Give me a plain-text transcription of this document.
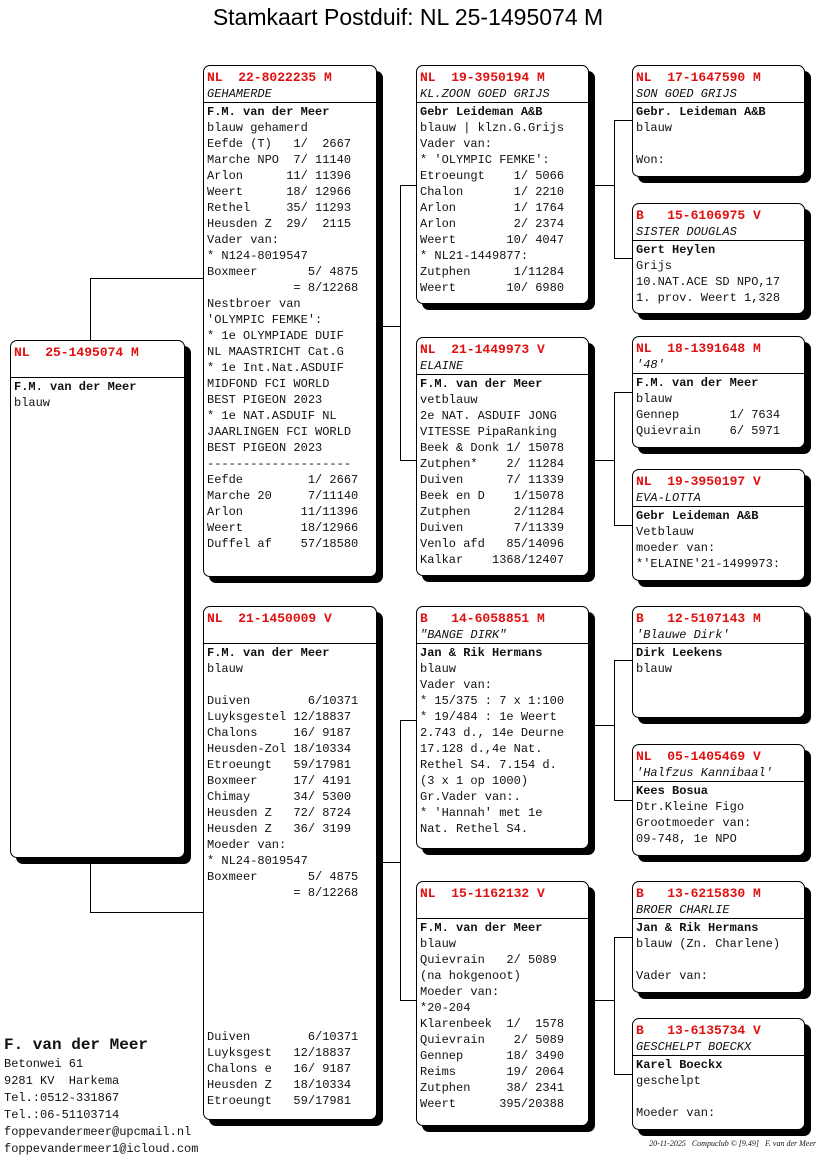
Stamkaart Postduif: NL 25-1495074 M
NL  25-1495074 M
F.M. van der Meer
blauw
NL  22-8022235 M
GEHAMERDE
F.M. van der Meer
blauw gehamerd
Eefde (T)   1/  2667
Marche NPO  7/ 11140
Arlon      11/ 11396
Weert      18/ 12966
Rethel     35/ 11293
Heusden Z  29/  2115
Vader van:
* N124-8019547
Boxmeer       5/ 4875
= 8/12268
Nestbroer van
'OLYMPIC FEMKE':
* 1e OLYMPIADE DUIF
NL MAASTRICHT Cat.G
* 1e Int.Nat.ASDUIF
MIDFOND FCI WORLD
BEST PIGEON 2023
* 1e NAT.ASDUIF NL
JAARLINGEN FCI WORLD
BEST PIGEON 2023
--------------------
Eefde         1/ 2667
Marche 20     7/11140
Arlon        11/11396
Weert        18/12966
Duffel af    57/18580
NL  21-1450009 V
F.M. van der Meer
blauw
Duiven        6/10371
Luyksgestel 12/18837
Chalons     16/ 9187
Heusden-Zol 18/10334
Etroeungt   59/17981
Boxmeer     17/ 4191
Chimay      34/ 5300
Heusden Z   72/ 8724
Heusden Z   36/ 3199
Moeder van:
* NL24-8019547
Boxmeer       5/ 4875
= 8/12268
Duiven        6/10371
Luyksgest   12/18837
Chalons e   16/ 9187
Heusden Z   18/10334
Etroeungt   59/17981
NL  19-3950194 M
KL.ZOON GOED GRIJS
Gebr Leideman A&B
blauw | klzn.G.Grijs
Vader van:
* 'OLYMPIC FEMKE':
Etroeungt    1/ 5066
Chalon       1/ 2210
Arlon        1/ 1764
Arlon        2/ 2374
Weert       10/ 4047
* NL21-1449877:
Zutphen      1/11284
Weert       10/ 6980
NL  21-1449973 V
ELAINE
F.M. van der Meer
vetblauw
2e NAT. ASDUIF JONG
VITESSE PipaRanking
Beek & Donk 1/ 15078
Zutphen*    2/ 11284
Duiven      7/ 11339
Beek en D    1/15078
Zutphen      2/11284
Duiven       7/11339
Venlo afd   85/14096
Kalkar    1368/12407
B   14-6058851 M
"BANGE DIRK"
Jan & Rik Hermans
blauw
Vader van:
* 15/375 : 7 x 1:100
* 19/484 : 1e Weert
2.743 d., 14e Deurne
17.128 d.,4e Nat.
Rethel S4. 7.154 d.
(3 x 1 op 1000)
Gr.Vader van:.
* 'Hannah' met 1e
Nat. Rethel S4.
NL  15-1162132 V
F.M. van der Meer
blauw
Quievrain   2/ 5089
(na hokgenoot)
Moeder van:
*20-204
Klarenbeek  1/  1578
Quievrain    2/ 5089
Gennep      18/ 3490
Reims       19/ 2064
Zutphen     38/ 2341
Weert      395/20388
NL  17-1647590 M
SON GOED GRIJS
Gebr. Leideman A&B
blauw
Won:
B   15-6106975 V
SISTER DOUGLAS
Gert Heylen
Grijs
10.NAT.ACE SD NPO,17
1. prov. Weert 1,328
NL  18-1391648 M
'48'
F.M. van der Meer
blauw
Gennep       1/ 7634
Quievrain    6/ 5971
NL  19-3950197 V
EVA-LOTTA
Gebr Leideman A&B
Vetblauw
moeder van:
*'ELAINE'21-1499973:
B   12-5107143 M
'Blauwe Dirk'
Dirk Leekens
blauw
NL  05-1405469 V
'Halfzus Kannibaal'
Kees Bosua
Dtr.Kleine Figo
Grootmoeder van:
09-748, 1e NPO
B   13-6215830 M
BROER CHARLIE
Jan & Rik Hermans
blauw (Zn. Charlene)
Vader van:
B   13-6135734 V
GESCHELPT BOECKX
Karel Boeckx
geschelpt
Moeder van:
F. van der Meer
Betonwei 61
9281 KV  Harkema
Tel.:0512-331867
Tel.:06-51103714
foppevandermeer@upcmail.nl
foppevandermeer1@icloud.com	20-11-2025 Compuclub © [9.49] F. van der Meer
